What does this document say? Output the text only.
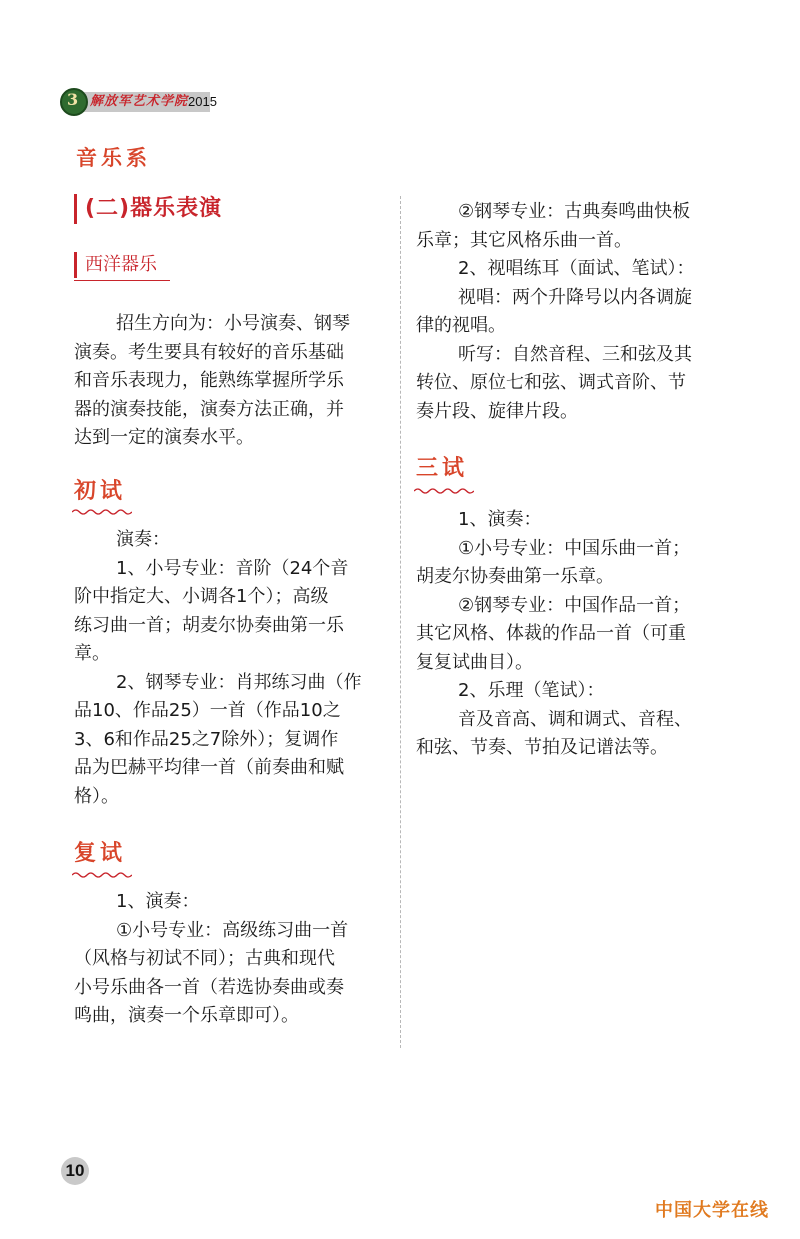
3 解放军艺术学院 2015
音乐系
(二)器乐表演
西洋器乐
招生方向为：小号演奏、钢琴
演奏。考生要具有较好的音乐基础
和音乐表现力，能熟练掌握所学乐
器的演奏技能，演奏方法正确，并
达到一定的演奏水平。
初试
演奏：
1、小号专业：音阶（24个音
阶中指定大、小调各1个）；高级
练习曲一首；胡麦尔协奏曲第一乐
章。
2、钢琴专业：肖邦练习曲（作
品10、作品25）一首（作品10之
3、6和作品25之7除外）；复调作
品为巴赫平均律一首（前奏曲和赋
格）。
复试
1、演奏：
①小号专业：高级练习曲一首
（风格与初试不同）；古典和现代
小号乐曲各一首（若选协奏曲或奏
鸣曲，演奏一个乐章即可）。
②钢琴专业：古典奏鸣曲快板
乐章；其它风格乐曲一首。
2、视唱练耳（面试、笔试）：
视唱：两个升降号以内各调旋
律的视唱。
听写：自然音程、三和弦及其
转位、原位七和弦、调式音阶、节
奏片段、旋律片段。
三试
1、演奏：
①小号专业：中国乐曲一首；
胡麦尔协奏曲第一乐章。
②钢琴专业：中国作品一首；
其它风格、体裁的作品一首（可重
复复试曲目）。
2、乐理（笔试）：
音及音高、调和调式、音程、
和弦、节奏、节拍及记谱法等。
10
中国大学在线
